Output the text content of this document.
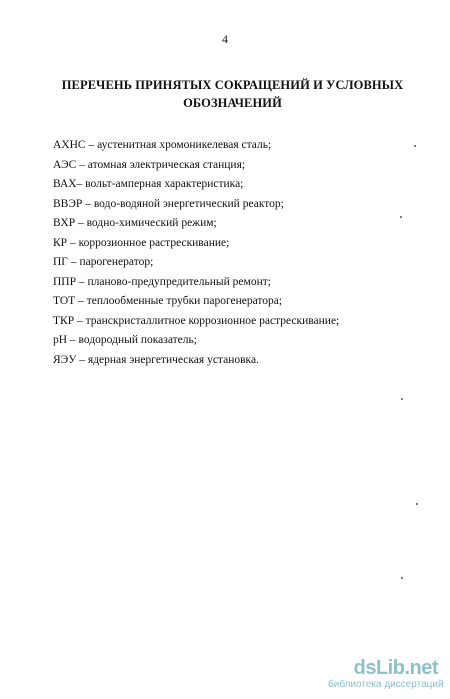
4
ПЕРЕЧЕНЬ ПРИНЯТЫХ СОКРАЩЕНИЙ И УСЛОВНЫХ
ОБОЗНАЧЕНИЙ
АХНС – аустенитная хромоникелевая сталь;
АЭС – атомная электрическая станция;
ВАХ– вольт-амперная характеристика;
ВВЭР – водо-водяной энергетический реактор;
ВХР – водно-химический режим;
КР – коррозионное растрескивание;
ПГ – парогенератор;
ППР – планово-предупредительный ремонт;
ТОТ – теплообменные трубки парогенератора;
ТКР – транскристаллитное коррозионное растрескивание;
pH – водородный показатель;
ЯЭУ – ядерная энергетическая установка.
dsLib.net
библиотека диссертаций
